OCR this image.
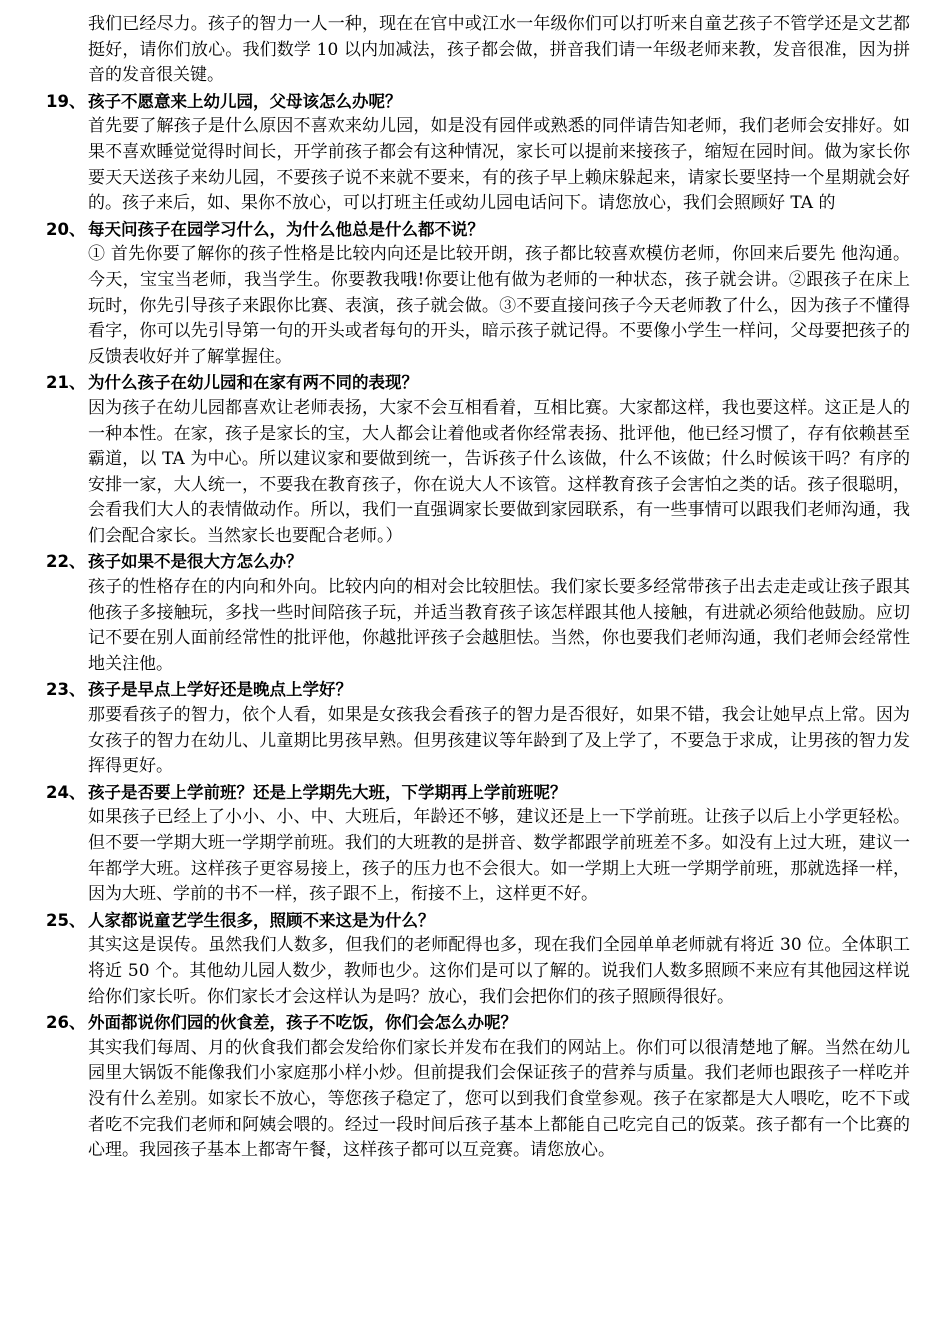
我们已经尽力。孩子的智力一人一种，现在在官中或江水一年级你们可以打听来自童艺孩子不管学还是文艺都挺好，请你们放心。我们数学 10 以内加减法，孩子都会做，拼音我们请一年级老师来教，发音很准，因为拼音的发音很关键。

19、 孩子不愿意来上幼儿园，父母该怎么办呢？

首先要了解孩子是什么原因不喜欢来幼儿园，如是没有园伴或熟悉的同伴请告知老师，我们老师会安排好。如果不喜欢睡觉觉得时间长，开学前孩子都会有这种情况，家长可以提前来接孩子，缩短在园时间。做为家长你要天天送孩子来幼儿园，不要孩子说不来就不要来，有的孩子早上赖床躲起来，请家长要坚持一个星期就会好的。孩子来后，如、果你不放心，可以打班主任或幼儿园电话问下。请您放心，我们会照顾好 TA 的

20、 每天问孩子在园学习什么，为什么他总是什么都不说？

① 首先你要了解你的孩子性格是比较内向还是比较开朗，孩子都比较喜欢模仿老师，你回来后要先 他沟通。今天，宝宝当老师，我当学生。你要教我哦!你要让他有做为老师的一种状态，孩子就会讲。②跟孩子在床上玩时，你先引导孩子来跟你比赛、表演，孩子就会做。③不要直接问孩子今天老师教了什么，因为孩子不懂得看字，你可以先引导第一句的开头或者每句的开头，暗示孩子就记得。不要像小学生一样问，父母要把孩子的反馈表收好并了解掌握住。

21、 为什么孩子在幼儿园和在家有两不同的表现？

因为孩子在幼儿园都喜欢让老师表扬，大家不会互相看着，互相比赛。大家都这样，我也要这样。这正是人的一种本性。在家，孩子是家长的宝，大人都会让着他或者你经常表扬、批评他，他已经习惯了，存有依赖甚至霸道，以 TA 为中心。所以建议家和要做到统一，告诉孩子什么该做，什么不该做；什么时候该干吗？有序的安排一家，大人统一，不要我在教育孩子，你在说大人不该管。这样教育孩子会害怕之类的话。孩子很聪明，会看我们大人的表情做动作。所以，我们一直强调家长要做到家园联系，有一些事情可以跟我们老师沟通，我们会配合家长。当然家长也要配合老师。）

22、 孩子如果不是很大方怎么办？

孩子的性格存在的内向和外向。比较内向的相对会比较胆怯。我们家长要多经常带孩子出去走走或让孩子跟其他孩子多接触玩，多找一些时间陪孩子玩，并适当教育孩子该怎样跟其他人接触，有进就必须给他鼓励。应切记不要在别人面前经常性的批评他，你越批评孩子会越胆怯。当然，你也要我们老师沟通，我们老师会经常性地关注他。

23、 孩子是早点上学好还是晚点上学好？

那要看孩子的智力，依个人看，如果是女孩我会看孩子的智力是否很好，如果不错，我会让她早点上常。因为女孩子的智力在幼儿、儿童期比男孩早熟。但男孩建议等年龄到了及上学了，不要急于求成，让男孩的智力发挥得更好。

24、 孩子是否要上学前班？还是上学期先大班，下学期再上学前班呢？

如果孩子已经上了小小、小、中、大班后，年龄还不够，建议还是上一下学前班。让孩子以后上小学更轻松。但不要一学期大班一学期学前班。我们的大班教的是拼音、数学都跟学前班差不多。如没有上过大班，建议一年都学大班。这样孩子更容易接上，孩子的压力也不会很大。如一学期上大班一学期学前班，那就选择一样，因为大班、学前的书不一样，孩子跟不上，衔接不上，这样更不好。

25、 人家都说童艺学生很多，照顾不来这是为什么？

其实这是误传。虽然我们人数多，但我们的老师配得也多，现在我们全园单单老师就有将近 30 位。全体职工将近 50 个。其他幼儿园人数少，教师也少。这你们是可以了解的。说我们人数多照顾不来应有其他园这样说给你们家长听。你们家长才会这样认为是吗？放心，我们会把你们的孩子照顾得很好。

26、 外面都说你们园的伙食差，孩子不吃饭，你们会怎么办呢？

其实我们每周、月的伙食我们都会发给你们家长并发布在我们的网站上。你们可以很清楚地了解。当然在幼儿园里大锅饭不能像我们小家庭那小样小炒。但前提我们会保证孩子的营养与质量。我们老师也跟孩子一样吃并没有什么差别。如家长不放心，等您孩子稳定了，您可以到我们食堂参观。孩子在家都是大人喂吃，吃不下或者吃不完我们老师和阿姨会喂的。经过一段时间后孩子基本上都能自己吃完自己的饭菜。孩子都有一个比赛的心理。我园孩子基本上都寄午餐，这样孩子都可以互竞赛。请您放心。
